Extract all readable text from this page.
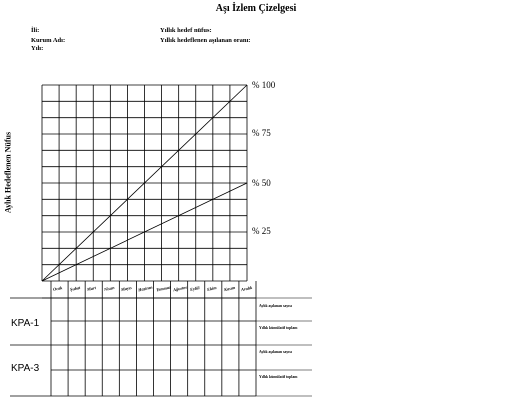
Aşı İzlem Çizelgesi
İli:
Kurum Adı:
Yılı:
Yıllık hedef nüfus:
Yıllık hedeflenen aşılanan oranı:
Aylık Hedeflenen Nüfus
% 100
% 75
% 50
% 25
Ocak Şubat Mart Nisan Mayıs Haziran Temmuz Ağustos Eylül Ekim Kasım Aralık
KPA-1
KPA-3
Aylık aşılanan sayısı
Yıllık kümülatif toplam
Aylık aşılanan sayısı
Yıllık kümülatif toplam
